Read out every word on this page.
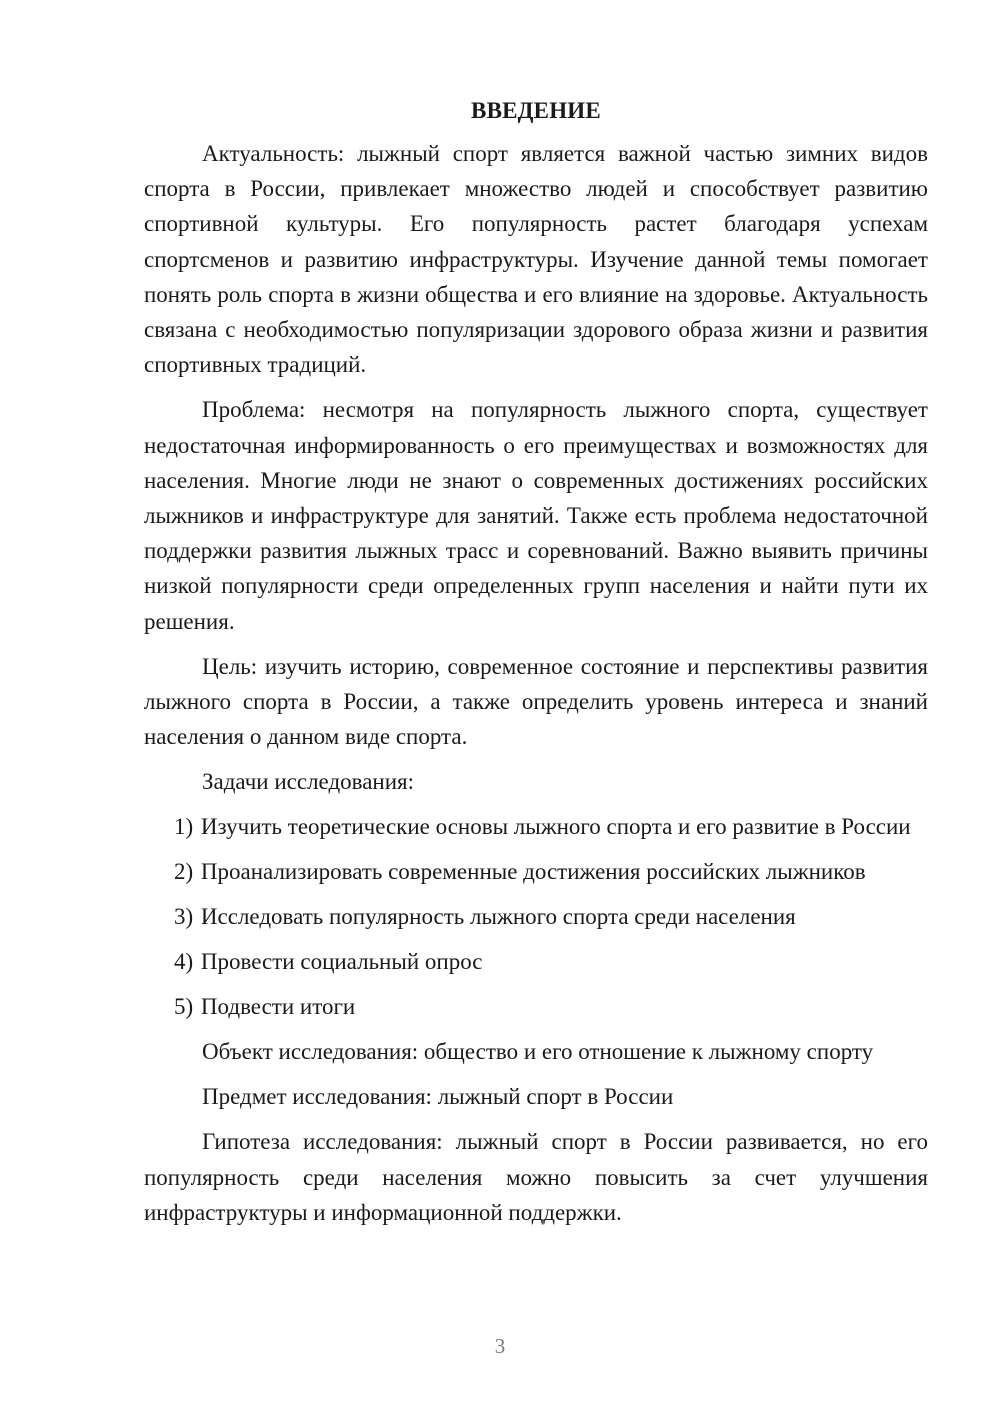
ВВЕДЕНИЕ

Актуальность: лыжный спорт является важной частью зимних видов спорта в России, привлекает множество людей и способствует развитию спортивной культуры. Его популярность растет благодаря успехам спортсменов и развитию инфраструктуры. Изучение данной темы помогает понять роль спорта в жизни общества и его влияние на здоровье. Актуальность связана с необходимостью популяризации здорового образа жизни и развития спортивных традиций.

Проблема: несмотря на популярность лыжного спорта, существует недостаточная информированность о его преимуществах и возможностях для населения. Многие люди не знают о современных достижениях российских лыжников и инфраструктуре для занятий. Также есть проблема недостаточной поддержки развития лыжных трасс и соревнований. Важно выявить причины низкой популярности среди определенных групп населения и найти пути их решения.

Цель: изучить историю, современное состояние и перспективы развития лыжного спорта в России, а также определить уровень интереса и знаний населения о данном виде спорта.

Задачи исследования:

1) Изучить теоретические основы лыжного спорта и его развитие в России

2) Проанализировать современные достижения российских лыжников

3) Исследовать популярность лыжного спорта среди населения

4) Провести социальный опрос

5) Подвести итоги

Объект исследования: общество и его отношение к лыжному спорту

Предмет исследования: лыжный спорт в России

Гипотеза исследования: лыжный спорт в России развивается, но его популярность среди населения можно повысить за счет улучшения инфраструктуры и информационной поддержки.

3
